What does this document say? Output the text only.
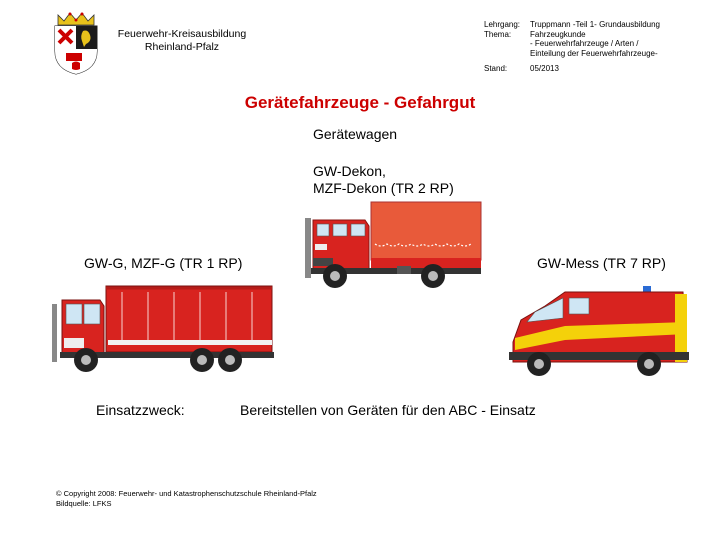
Feuerwehr-Kreisausbildung
Rheinland-Pfalz
Lehrgang:	Truppmann -Teil 1- Grundausbildung
Thema:	Fahrzeugkunde
- Feuerwehrfahrzeuge / Arten /
Einteilung der Feuerwehrfahrzeuge-
Stand:	05/2013
Gerätefahrzeuge - Gefahrgut
Gerätewagen
GW-Dekon,
MZF-Dekon (TR 2 RP)
GW-G, MZF-G (TR 1 RP)	GW-Mess (TR 7 RP)
Einsatzzweck:	Bereitstellen von Geräten für den ABC - Einsatz
© Copyright 2008: Feuerwehr- und Katastrophenschutzschule Rheinland-Pfalz
Bildquelle: LFKS
